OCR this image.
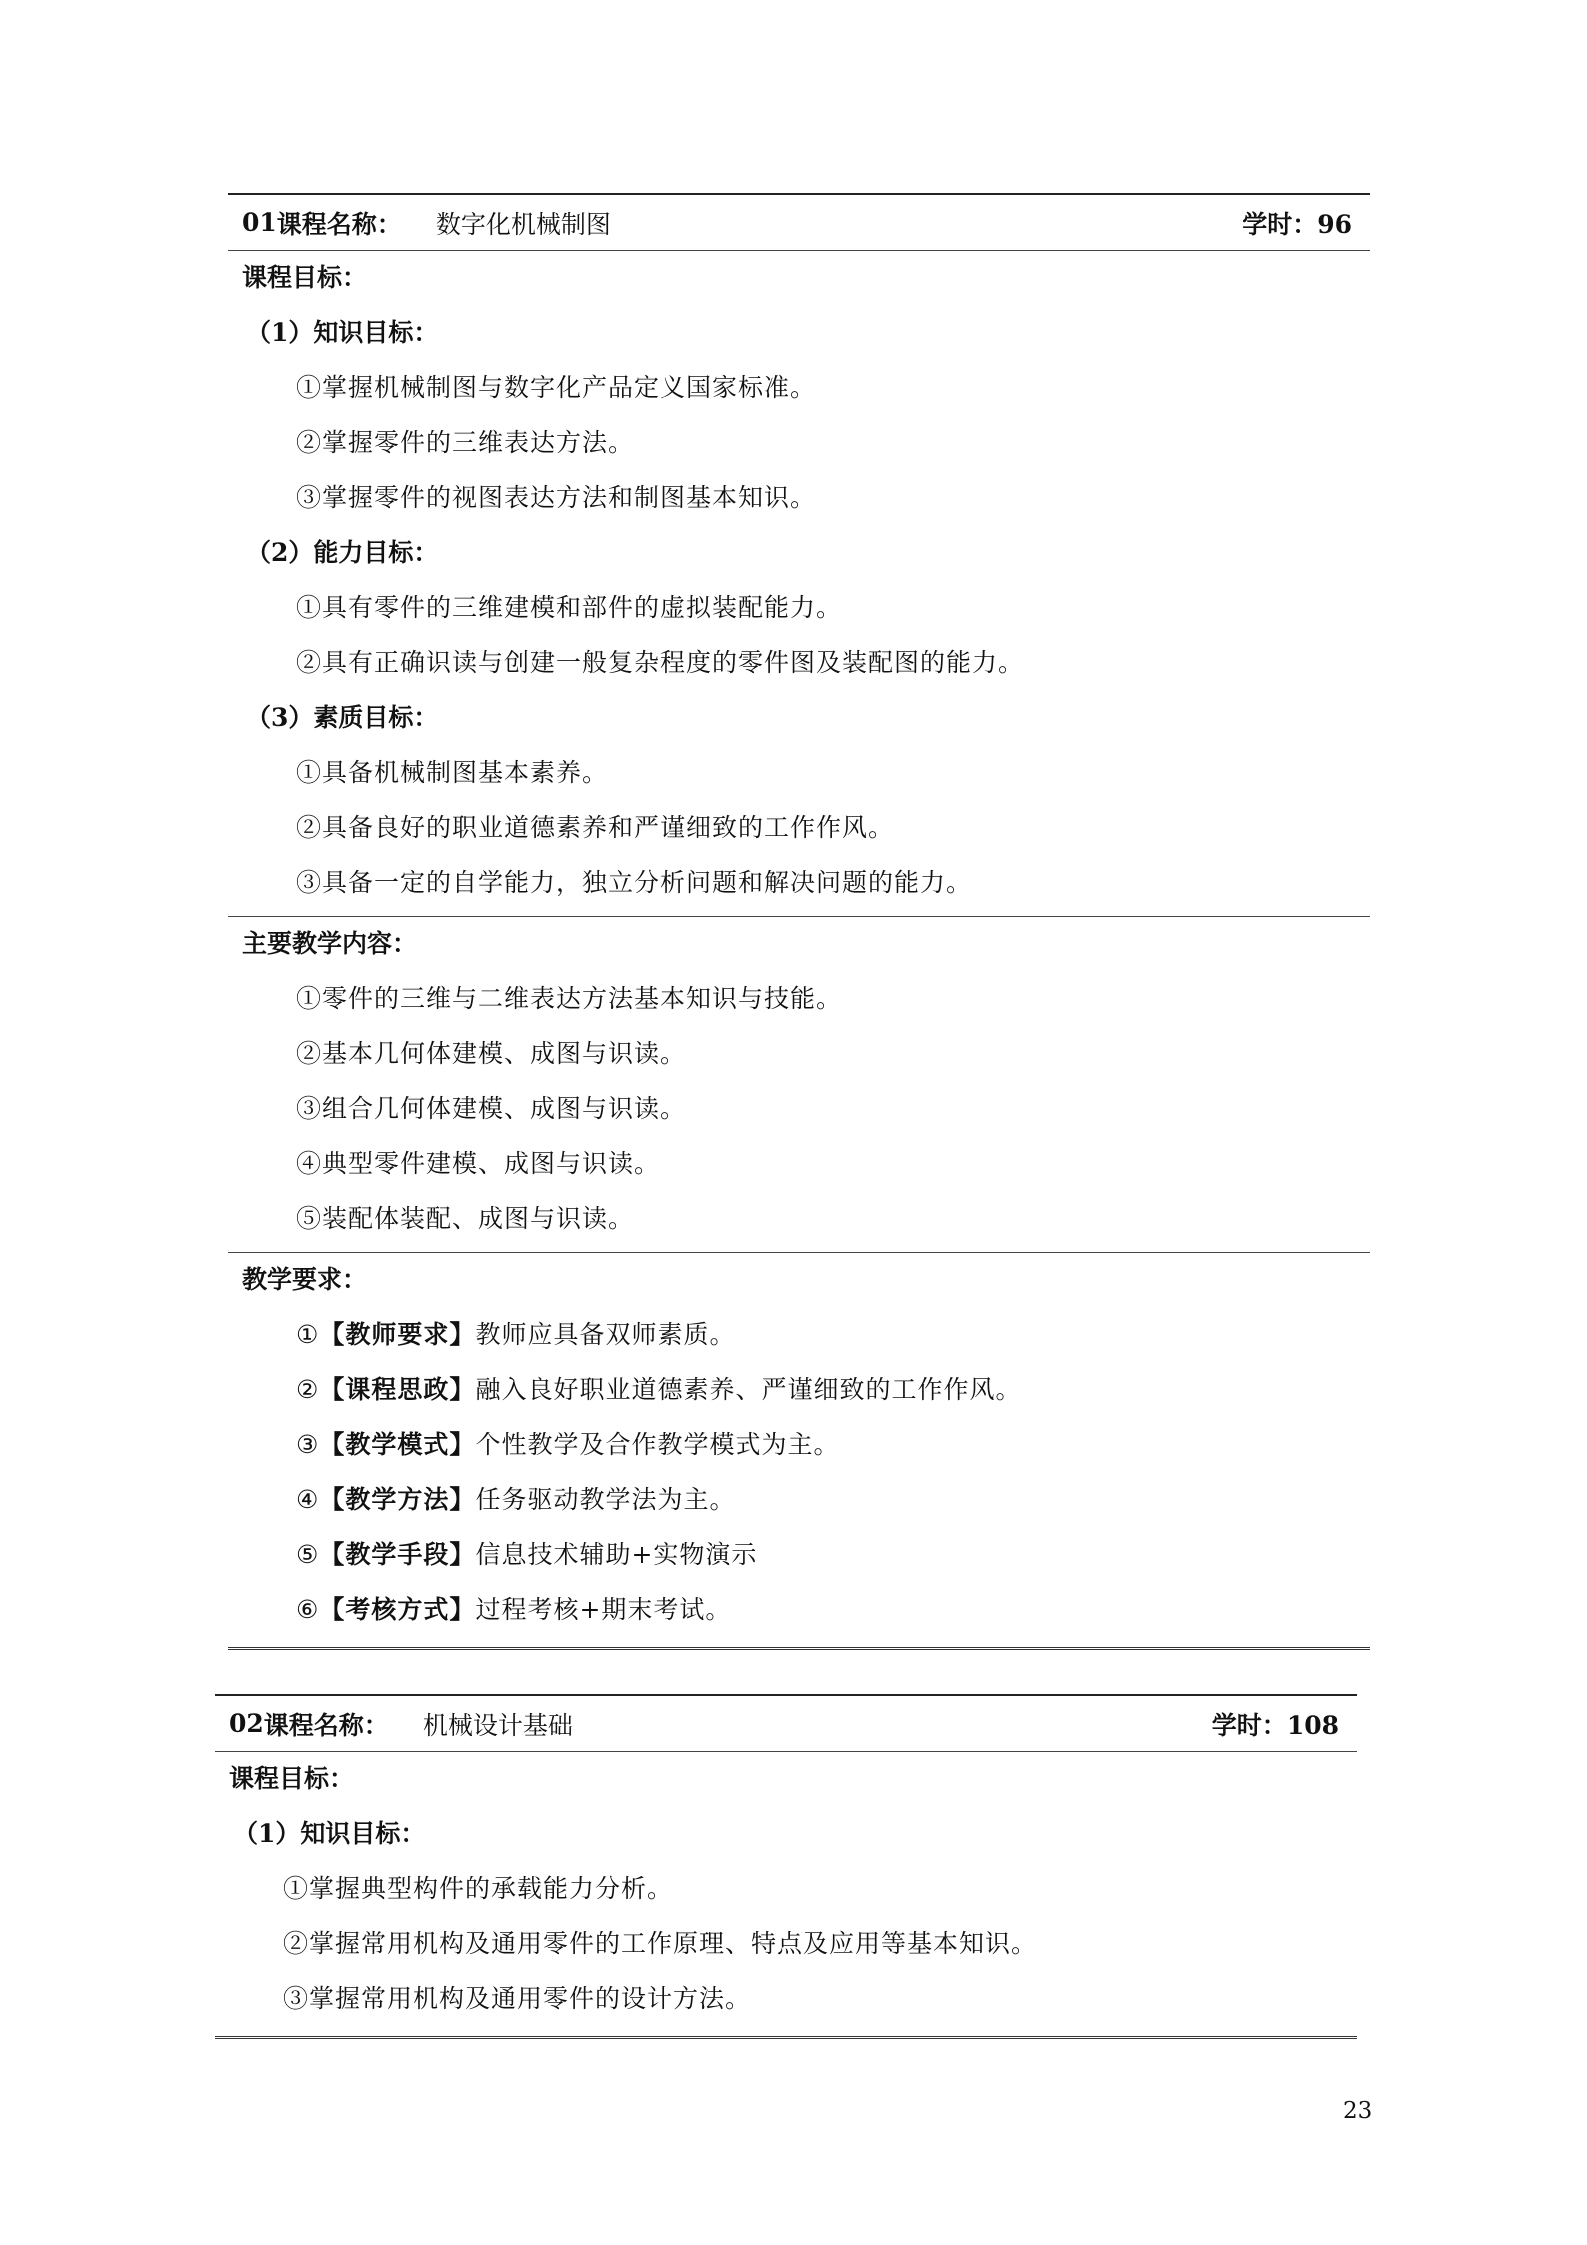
01 课程名称： 数字化机械制图	学时：96
课程目标：
（1）知识目标：
①掌握机械制图与数字化产品定义国家标准。
②掌握零件的三维表达方法。
③掌握零件的视图表达方法和制图基本知识。
（2）能力目标：
①具有零件的三维建模和部件的虚拟装配能力。
②具有正确识读与创建一般复杂程度的零件图及装配图的能力。
（3）素质目标：
①具备机械制图基本素养。
②具备良好的职业道德素养和严谨细致的工作作风。
③具备一定的自学能力，独立分析问题和解决问题的能力。
主要教学内容：
①零件的三维与二维表达方法基本知识与技能。
②基本几何体建模、成图与识读。
③组合几何体建模、成图与识读。
④典型零件建模、成图与识读。
⑤装配体装配、成图与识读。
教学要求：
①【教师要求】教师应具备双师素质。
②【课程思政】融入良好职业道德素养、严谨细致的工作作风。
③【教学模式】个性教学及合作教学模式为主。
④【教学方法】任务驱动教学法为主。
⑤【教学手段】信息技术辅助+实物演示
⑥【考核方式】过程考核+期末考试。
02 课程名称： 机械设计基础	学时：108
课程目标：
（1）知识目标：
①掌握典型构件的承载能力分析。
②掌握常用机构及通用零件的工作原理、特点及应用等基本知识。
③掌握常用机构及通用零件的设计方法。
23
